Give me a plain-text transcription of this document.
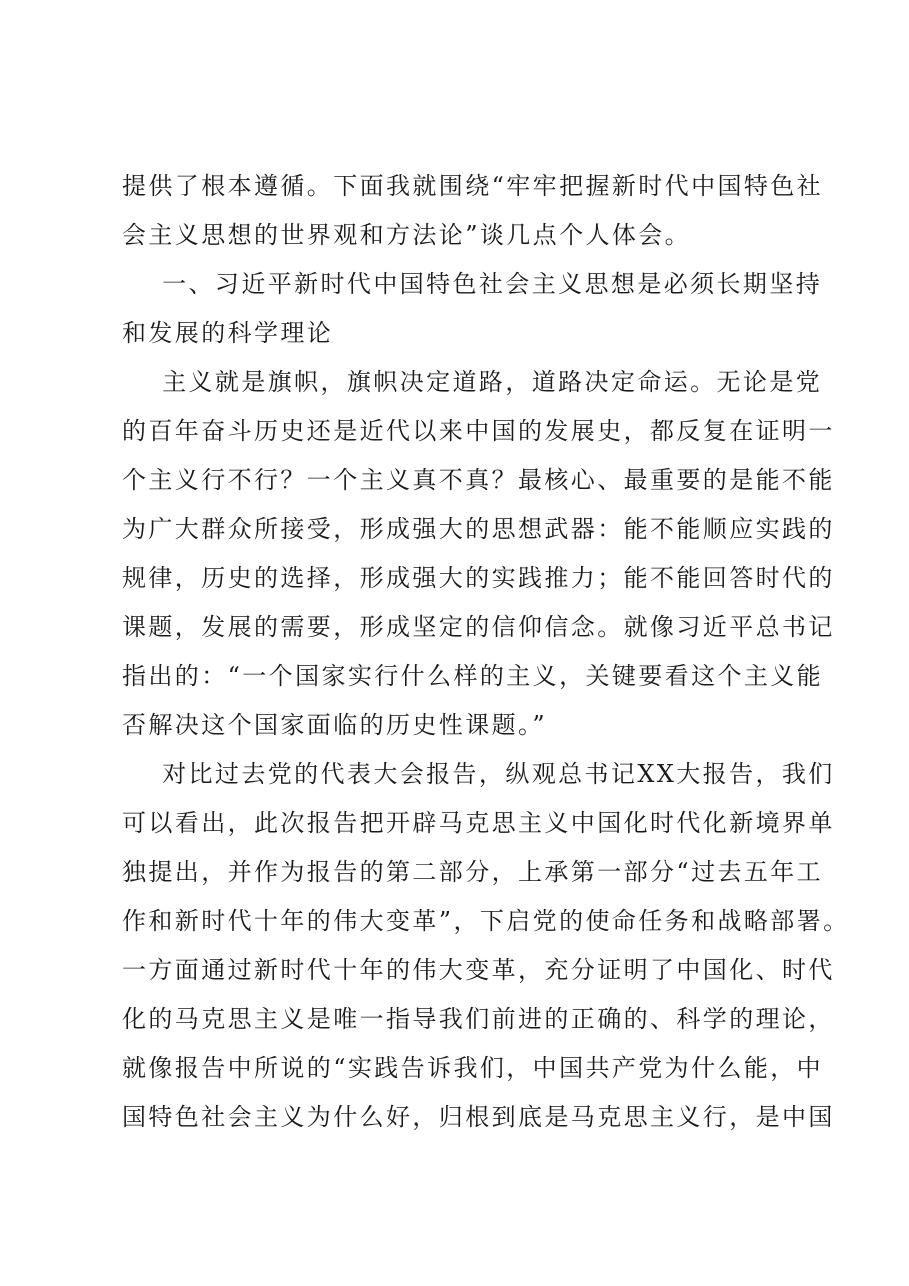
提供了根本遵循。下面我就围绕“牢牢把握新时代中国特色社
会主义思想的世界观和方法论”谈几点个人体会。
一、习近平新时代中国特色社会主义思想是必须长期坚持
和发展的科学理论
主义就是旗帜，旗帜决定道路，道路决定命运。无论是党
的百年奋斗历史还是近代以来中国的发展史，都反复在证明一
个主义行不行？一个主义真不真？最核心、最重要的是能不能
为广大群众所接受，形成强大的思想武器：能不能顺应实践的
规律，历史的选择，形成强大的实践推力；能不能回答时代的
课题，发展的需要，形成坚定的信仰信念。就像习近平总书记
指出的：“一个国家实行什么样的主义，关键要看这个主义能
否解决这个国家面临的历史性课题。”
对比过去党的代表大会报告，纵观总书记XX大报告，我们
可以看出，此次报告把开辟马克思主义中国化时代化新境界单
独提出，并作为报告的第二部分，上承第一部分“过去五年工
作和新时代十年的伟大变革”，下启党的使命任务和战略部署。
一方面通过新时代十年的伟大变革，充分证明了中国化、时代
化的马克思主义是唯一指导我们前进的正确的、科学的理论，
就像报告中所说的“实践告诉我们，中国共产党为什么能，中
国特色社会主义为什么好，归根到底是马克思主义行，是中国
